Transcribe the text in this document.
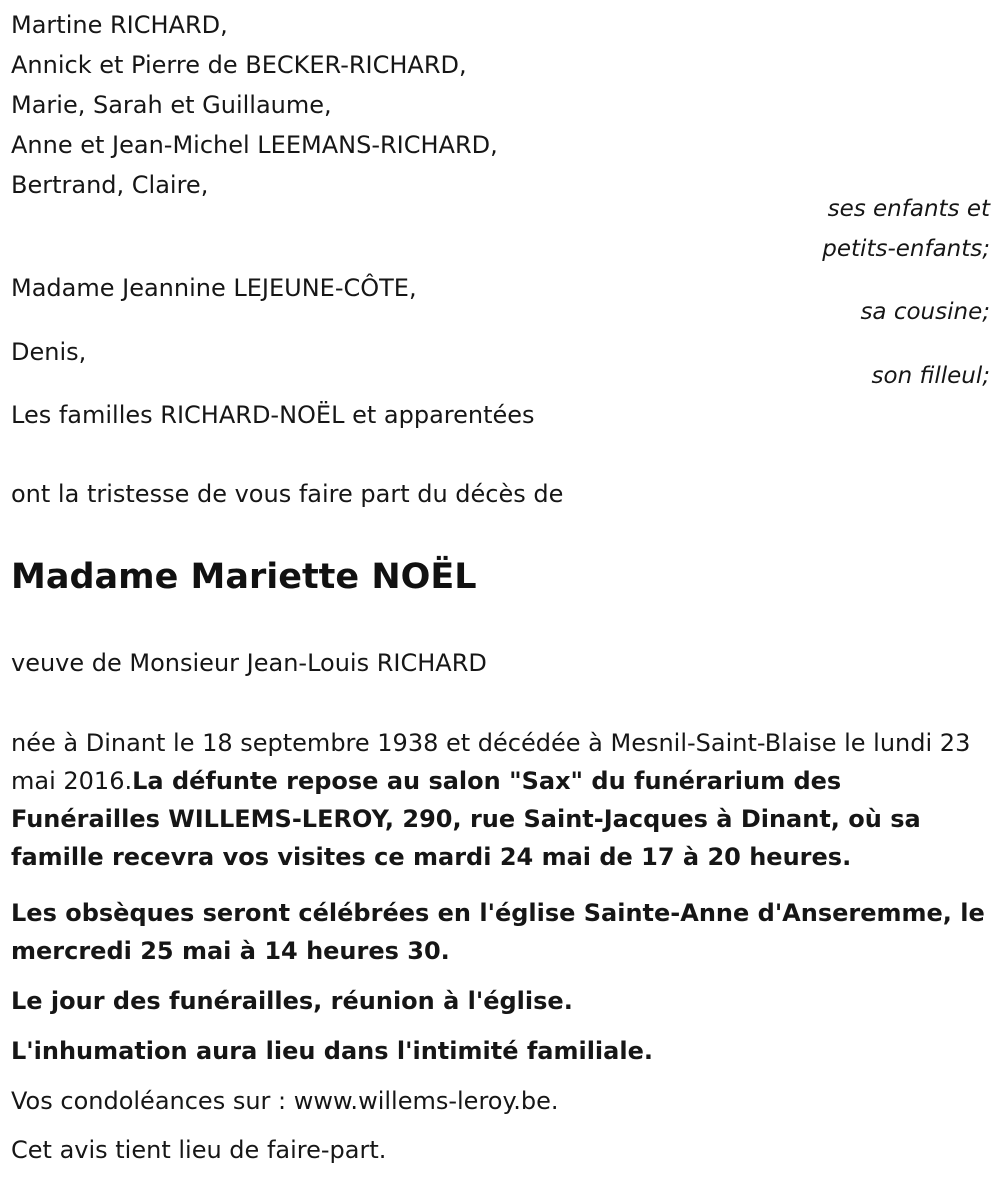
Martine RICHARD,
Annick et Pierre de BECKER-RICHARD,
Marie, Sarah et Guillaume,
Anne et Jean-Michel LEEMANS-RICHARD,
Bertrand, Claire,
ses enfants et
petits-enfants;
Madame Jeannine LEJEUNE-CÔTE,
sa cousine;
Denis,
son filleul;
Les familles RICHARD-NOËL et apparentées
ont la tristesse de vous faire part du décès de
Madame Mariette NOËL
veuve de Monsieur Jean-Louis RICHARD
née à Dinant le 18 septembre 1938 et décédée à Mesnil-Saint-Blaise le lundi 23 mai 2016.La défunte repose au salon "Sax" du funérarium des Funérailles WILLEMS-LEROY, 290, rue Saint-Jacques à Dinant, où sa famille recevra vos visites ce mardi 24 mai de 17 à 20 heures.
Les obsèques seront célébrées en l'église Sainte-Anne d'Anseremme, le mercredi 25 mai à 14 heures 30.
Le jour des funérailles, réunion à l'église.
L'inhumation aura lieu dans l'intimité familiale.
Vos condoléances sur : www.willems-leroy.be.
Cet avis tient lieu de faire-part.
